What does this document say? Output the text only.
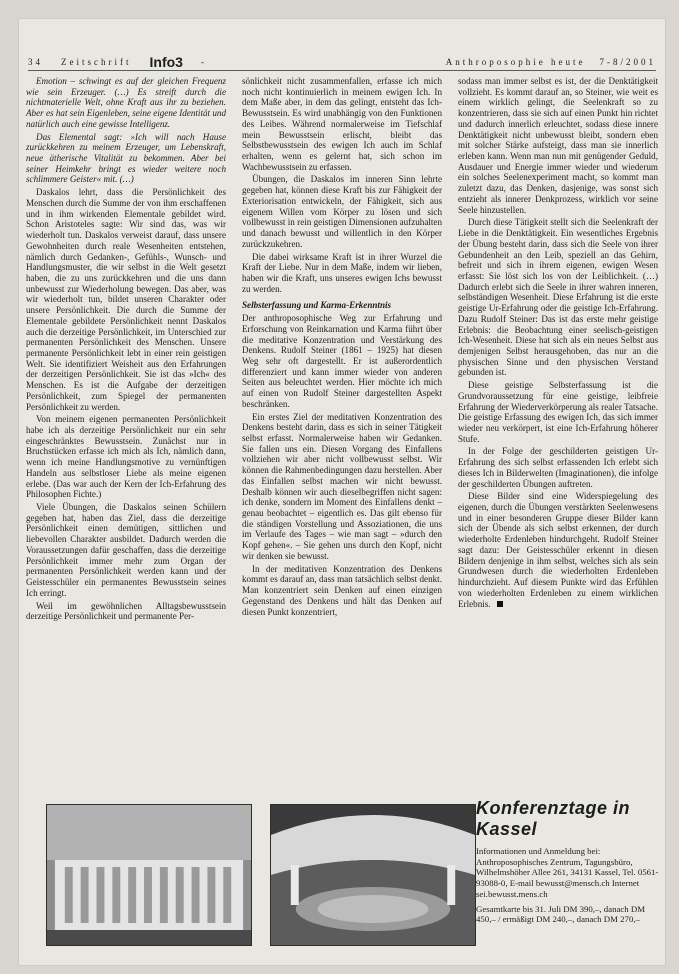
34 Zeitschrift Info3 -	Anthroposophie heute 7-8/2001

Emotion – schwingt es auf der gleichen Frequenz wie sein Erzeuger. (…) Es streift durch die nichtmaterielle Welt, ohne Kraft aus ihr zu beziehen. Aber es hat sein Eigenleben, seine eigene Identität und natürlich auch eine gewisse Intelligenz.

Das Elemental sagt: »Ich will nach Hause zurückkehren zu meinem Erzeuger, um Lebenskraft, neue ätherische Vitalität zu bekommen. Aber bei seiner Heimkehr bringt es wieder weitere noch schlimmere Geister« mit. (…)

Daskalos lehrt, dass die Persönlichkeit des Menschen durch die Summe der von ihm erschaffenen und in ihm wirkenden Elementale gebildet wird. Schon Aristoteles sagte: Wir sind das, was wir wiederholt tun. Daskalos verweist darauf, dass unsere Gewohnheiten durch reale Wesenheiten entstehen, nämlich durch Gedanken-, Gefühls-, Wunsch- und Handlungsmuster, die wir selbst in die Welt gesetzt haben, die zu uns zurückkehren und die uns dann unbewusst zur Wiederholung bewegen. Das aber, was wir wiederholt tun, bildet unseren Charakter oder unsere Persönlichkeit. Die durch die Summe der Elementale gebildete Persönlichkeit nennt Daskalos auch die derzeitige Persönlichkeit, im Unterschied zur permanenten Persönlichkeit des Menschen. Unsere permanente Persönlichkeit lebt in einer rein geistigen Welt. Sie identifiziert Weisheit aus den Erfahrungen der derzeitigen Persönlichkeit. Sie ist das »Ich« des Menschen. Es ist die Aufgabe der derzeitigen Persönlichkeit, zum Spiegel der permanenten Persönlichkeit zu werden.

Von meinem eigenen permanenten Persönlichkeit habe ich als derzeitige Persönlichkeit nur ein sehr eingeschränktes Bewusstsein. Zunächst nur in Bruchstücken erfasse ich mich als Ich, nämlich dann, wenn ich meine Handlungsmotive zu vernünftigen Handeln aus selbstloser Liebe als meine eigenen erlebe. (Das war auch der Kern der Ich-Erfahrung des Philosophen Fichte.)

Viele Übungen, die Daskalos seinen Schülern gegeben hat, haben das Ziel, dass die derzeitige Persönlichkeit einen demütigen, sittlichen und liebevollen Charakter ausbildet. Dadurch werden die Voraussetzungen dafür geschaffen, dass die derzeitige Persönlichkeit immer mehr zum Organ der permanenten Persönlichkeit werden kann und der Geistesschüler ein permanentes Bewusstsein seines Ich erringt.

Weil im gewöhnlichen Alltagsbewusstsein derzeitige Persönlichkeit und permanente Per-

sönlichkeit nicht zusammenfallen, erfasse ich mich noch nicht kontinuierlich in meinem ewigen Ich. In dem Maße aber, in dem das gelingt, entsteht das Ich-Bewusstsein. Es wird unabhängig von den Funktionen des Leibes. Während normalerweise im Tiefschlaf mein Bewusstsein erlischt, bleibt das Selbstbewusstsein des ewigen Ich auch im Schlaf erhalten, wenn es gelernt hat, sich schon im Wachbewusstsein zu erfassen.

Übungen, die Daskalos im inneren Sinn lehrte gegeben hat, können diese Kraft bis zur Fähigkeit der Exteriorisation entwickeln, der Fähigkeit, sich aus eigenem Willen vom Körper zu lösen und sich vollbewusst in rein geistigen Dimensionen aufzuhalten und danach bewusst und willentlich in den Körper zurückzukehren.

Die dabei wirksame Kraft ist in ihrer Wurzel die Kraft der Liebe. Nur in dem Maße, indem wir lieben, haben wir die Kraft, uns unseres ewigen Ichs bewusst zu werden.

Selbsterfassung und Karma-Erkenntnis

Der anthroposophische Weg zur Erfahrung und Erforschung von Reinkarnation und Karma führt über die meditative Konzentration und Verstärkung des Denkens. Rudolf Steiner (1861 – 1925) hat diesen Weg sehr oft dargestellt. Er ist außerordentlich differenziert und kann immer wieder von anderen Seiten aus beleuchtet werden. Hier möchte ich mich auf einen von Rudolf Steiner dargestellten Aspekt beschränken.

Ein erstes Ziel der meditativen Konzentration des Denkens besteht darin, dass es sich in seiner Tätigkeit selbst erfasst. Normalerweise haben wir Gedanken. Sie fallen uns ein. Diesen Vorgang des Einfallens vollziehen wir aber nicht vollbewusst selbst. Wir können die Rahmenbedingungen dazu herstellen. Aber das Einfallen selbst machen wir nicht bewusst. Deshalb können wir auch dieselbegriffen nicht sagen: ich denke, sondern im Moment des Einfallens denkt – genau beobachtet – eigentlich es. Das gilt ebenso für die ständigen Vorstellung und Assoziationen, die uns im Verlaufe des Tages – wie man sagt – »durch den Kopf gehen«. – Sie gehen uns durch den Kopf, nicht wir denken sie bewusst.

In der meditativen Konzentration des Denkens kommt es darauf an, dass man tatsächlich selbst denkt. Man konzentriert sein Denken auf einen einzigen Gegenstand des Denkens und hält das Denken auf diesen Punkt konzentriert,

sodass man immer selbst es ist, der die Denktätigkeit vollzieht. Es kommt darauf an, so Steiner, wie weit es einem wirklich gelingt, die Seelenkraft so zu konzentrieren, dass sie sich auf einen Punkt hin richtet und dadurch innerlich erleuchtet, sodass diese innere Denktätigkeit nicht unbewusst bleibt, sondern eben mit solcher Stärke aufsteigt, dass man sie innerlich erleben kann. Wenn man nun mit genügender Geduld, Ausdauer und Energie immer wieder und wiederum ein solches Seelenexperiment macht, so kommt man zuletzt dazu, das Denken, dasjenige, was sonst sich entzieht als innerer Denkprozess, wirklich vor seine Seele hinzustellen.

Durch diese Tätigkeit stellt sich die Seelenkraft der Liebe in die Denktätigkeit. Ein wesentliches Ergebnis der Übung besteht darin, dass sich die Seele von ihrer Gebundenheit an den Leib, speziell an das Gehirn, befreit und sich in ihrem eigenen, ewigen Wesen erfasst: Sie löst sich los von der Leiblichkeit. (…) Dadurch erlebt sich die Seele in ihrer wahren inneren, selbständigen Wesenheit. Diese Erfahrung ist die erste geistige Ur-Erfahrung oder die geistige Ich-Erfahrung. Dazu Rudolf Steiner: Das ist das erste mehr geistige Erlebnis: die Beobachtung einer seelisch-geistigen Ich-Wesenheit. Diese hat sich als ein neues Selbst aus demjenigen Selbst herausgehoben, das nur an die physischen Sinne und den physischen Verstand gebunden ist.

Diese geistige Selbsterfassung ist die Grundvoraussetzung für eine geistige, leibfreie Erfahrung der Wiederverkörperung als realer Tatsache. Die geistige Erfassung des ewigen Ich, das sich immer wieder neu verkörpert, ist eine Ich-Erfahrung höherer Stufe.

In der Folge der geschilderten geistigen Ur-Erfahrung des sich selbst erfassenden Ich erlebt sich dieses Ich in Bilderwelten (Imaginationen), die infolge der geschilderten Übungen auftreten.

Diese Bilder sind eine Widerspiegelung des eigenen, durch die Übungen verstärkten Seelenwesens und in einer besonderen Gruppe dieser Bilder kann sich der Übende als sich selbst erkennen, der durch wiederholte Erdenleben hindurchgeht. Rudolf Steiner sagt dazu: Der Geistesschüler erkennt in diesen Bildern denjenige in ihm selbst, welches sich als sein Grundwesen durch die wiederholten Erdenleben hindurchzieht. Auf diesem Punkte wird das Erfühlen von wiederholten Erdenleben zu einem wirklichen Erlebnis.

Konferenztage in Kassel

Informationen und Anmeldung bei: Anthroposophisches Zentrum, Tagungsbüro, Wilhelmshöher Allee 261, 34131 Kassel, Tel. 0561-93088-0, E-mail bewusst@mensch.ch Internet sei.bewusst.mens.ch

Gesamtkarte bis 31. Juli DM 390,–, danach DM 450,– / ermäßigt DM 240,–, danach DM 270,–
